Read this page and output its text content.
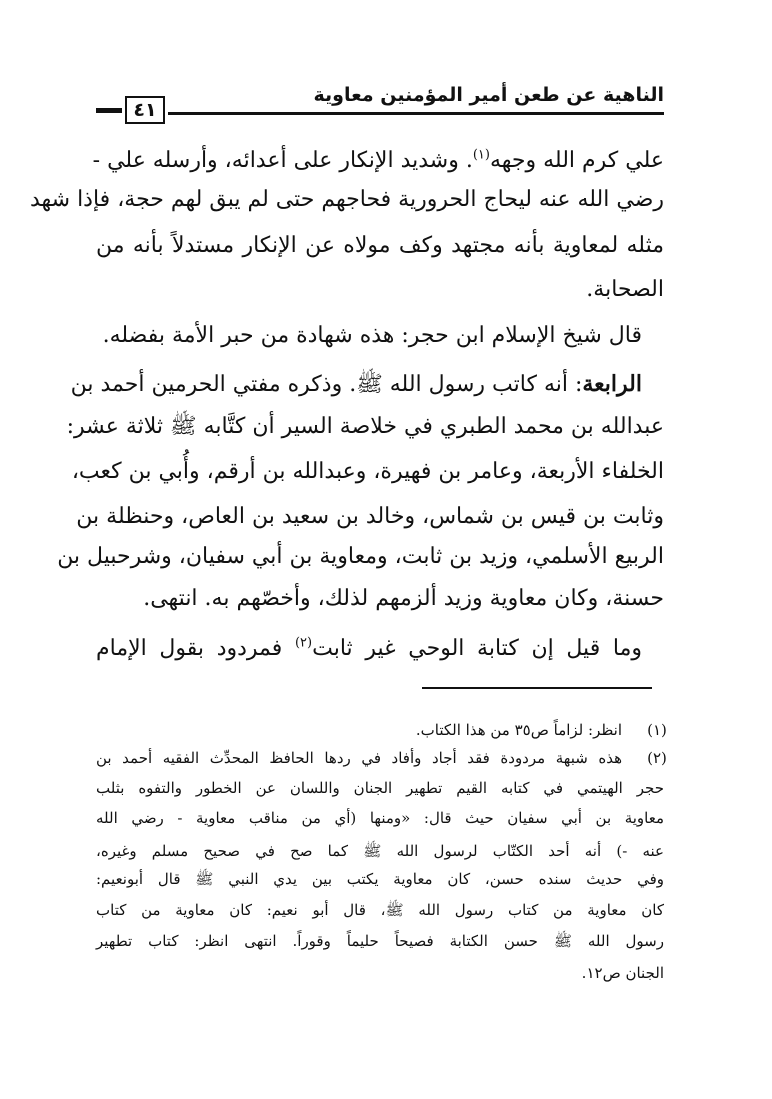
الناهية عن طعن أمير المؤمنين معاوية
٤١
علي كرم الله وجهه$^{(١)}$. وشديد الإنكار على أعدائه، وأرسله علي -
رضي الله عنه ليحاج الحرورية فحاجهم حتى لم يبق لهم حجة، فإذا شهد
مثله لمعاوية بأنه مجتهد وكف مولاه عن الإنكار مستدلاً بأنه من
الصحابة.
قال شيخ الإسلام ابن حجر: هذه شهادة من حبر الأمة بفضله.
الرابعة: أنه كاتب رسول الله ﷺ. وذكره مفتي الحرمين أحمد بن
عبدالله بن محمد الطبري في خلاصة السير أن كتَّابه ﷺ ثلاثة عشر:
الخلفاء الأربعة، وعامر بن فهيرة، وعبدالله بن أرقم، وأُبي بن كعب،
وثابت بن قيس بن شماس، وخالد بن سعيد بن العاص، وحنظلة بن
الربيع الأسلمي، وزيد بن ثابت، ومعاوية بن أبي سفيان، وشرحبيل بن
حسنة، وكان معاوية وزيد ألزمهم لذلك، وأخصّهم به. انتهى.
وما قيل إن كتابة الوحي غير ثابت$^{(٢)}$ فمردود بقول الإمام
(١)
انظر: لزاماً ص٣٥ من هذا الكتاب.
(٢)
هذه شبهة مردودة فقد أجاد وأفاد في ردها الحافظ المحدِّث الفقيه أحمد بن
حجر الهيتمي في كتابه القيم تطهير الجنان واللسان عن الخطور والتفوه بثلب
معاوية بن أبي سفيان حيث قال: «ومنها (أي من مناقب معاوية - رضي الله
عنه -) أنه أحد الكتّاب لرسول الله ﷺ كما صح في صحيح مسلم وغيره،
وفي حديث سنده حسن، كان معاوية يكتب بين يدي النبي ﷺ قال أبونعيم:
كان معاوية من كتاب رسول الله ﷺ، قال أبو نعيم: كان معاوية من كتاب
رسول الله ﷺ حسن الكتابة فصيحاً حليماً وقوراً. انتهى انظر: كتاب تطهير
الجنان ص١٢.
